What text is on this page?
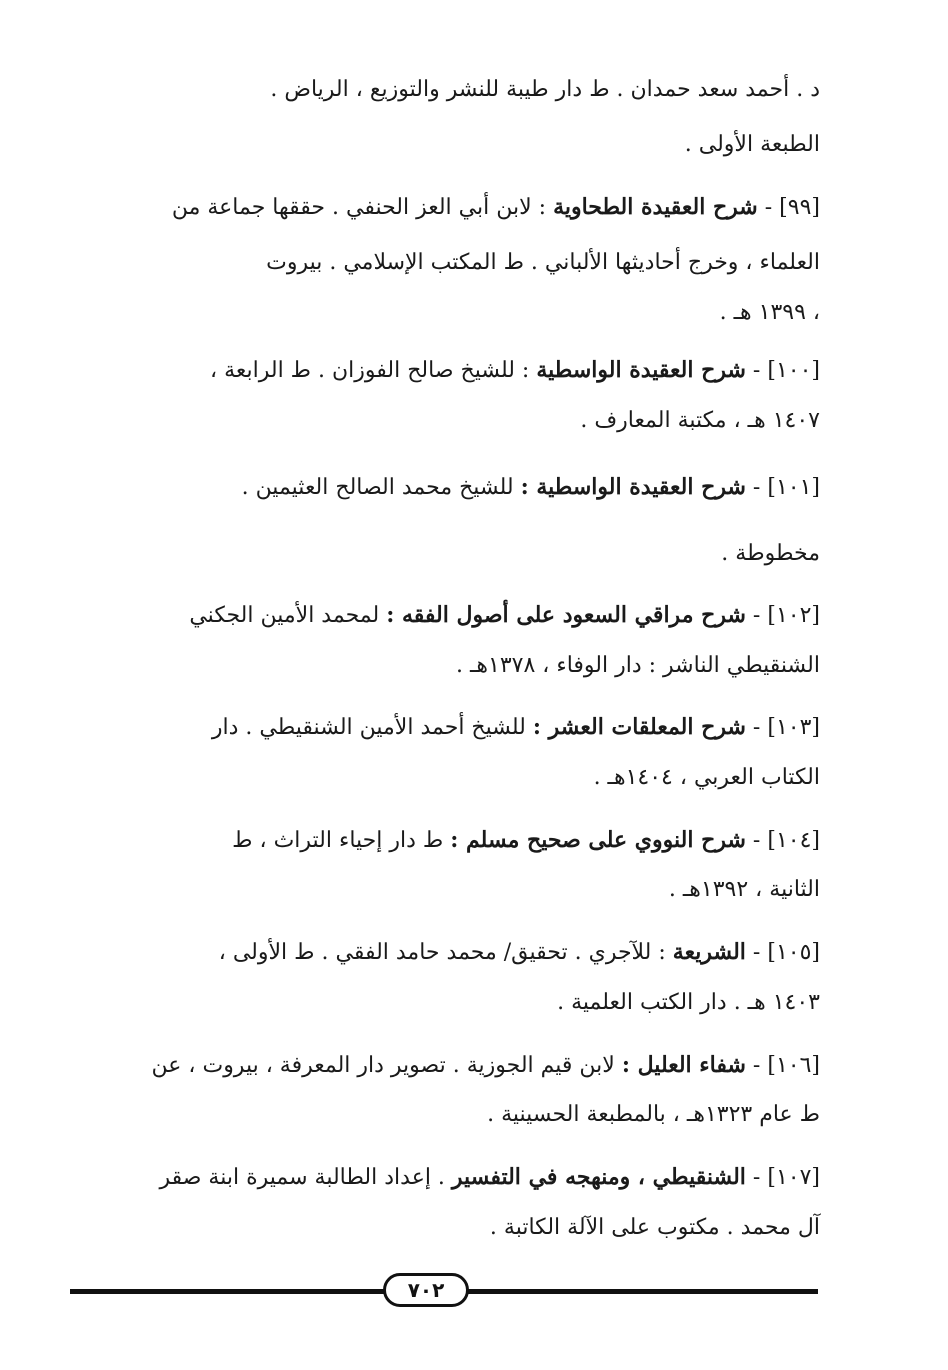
د . أحمد سعد حمدان . ط دار طيبة للنشر والتوزيع ، الرياض .
الطبعة الأولى .
[٩٩] - شرح العقيدة الطحاوية : لابن أبي العز الحنفي . حققها جماعة من
العلماء ، وخرج أحاديثها الألباني . ط المكتب الإسلامي . بيروت
، ١٣٩٩ هـ .
[١٠٠] - شرح العقيدة الواسطية : للشيخ صالح الفوزان . ط الرابعة ،
١٤٠٧ هـ ، مكتبة المعارف .
[١٠١] - شرح العقيدة الواسطية : للشيخ محمد الصالح العثيمين .
مخطوطة .
[١٠٢] - شرح مراقي السعود على أصول الفقه : لمحمد الأمين الجكني
الشنقيطي الناشر : دار الوفاء ، ١٣٧٨هـ .
[١٠٣] - شرح المعلقات العشر : للشيخ أحمد الأمين الشنقيطي . دار
الكتاب العربي ، ١٤٠٤هـ .
[١٠٤] - شرح النووي على صحيح مسلم : ط دار إحياء التراث ، ط
الثانية ، ١٣٩٢هـ .
[١٠٥] - الشريعة : للآجري . تحقيق/ محمد حامد الفقي . ط الأولى ،
١٤٠٣ هـ . دار الكتب العلمية .
[١٠٦] - شفاء العليل : لابن قيم الجوزية . تصوير دار المعرفة ، بيروت ، عن
ط عام ١٣٢٣هـ ، بالمطبعة الحسينية .
[١٠٧] - الشنقيطي ، ومنهجه في التفسير . إعداد الطالبة سميرة ابنة صقر
آل محمد . مكتوب على الآلة الكاتبة .
٧٠٢
